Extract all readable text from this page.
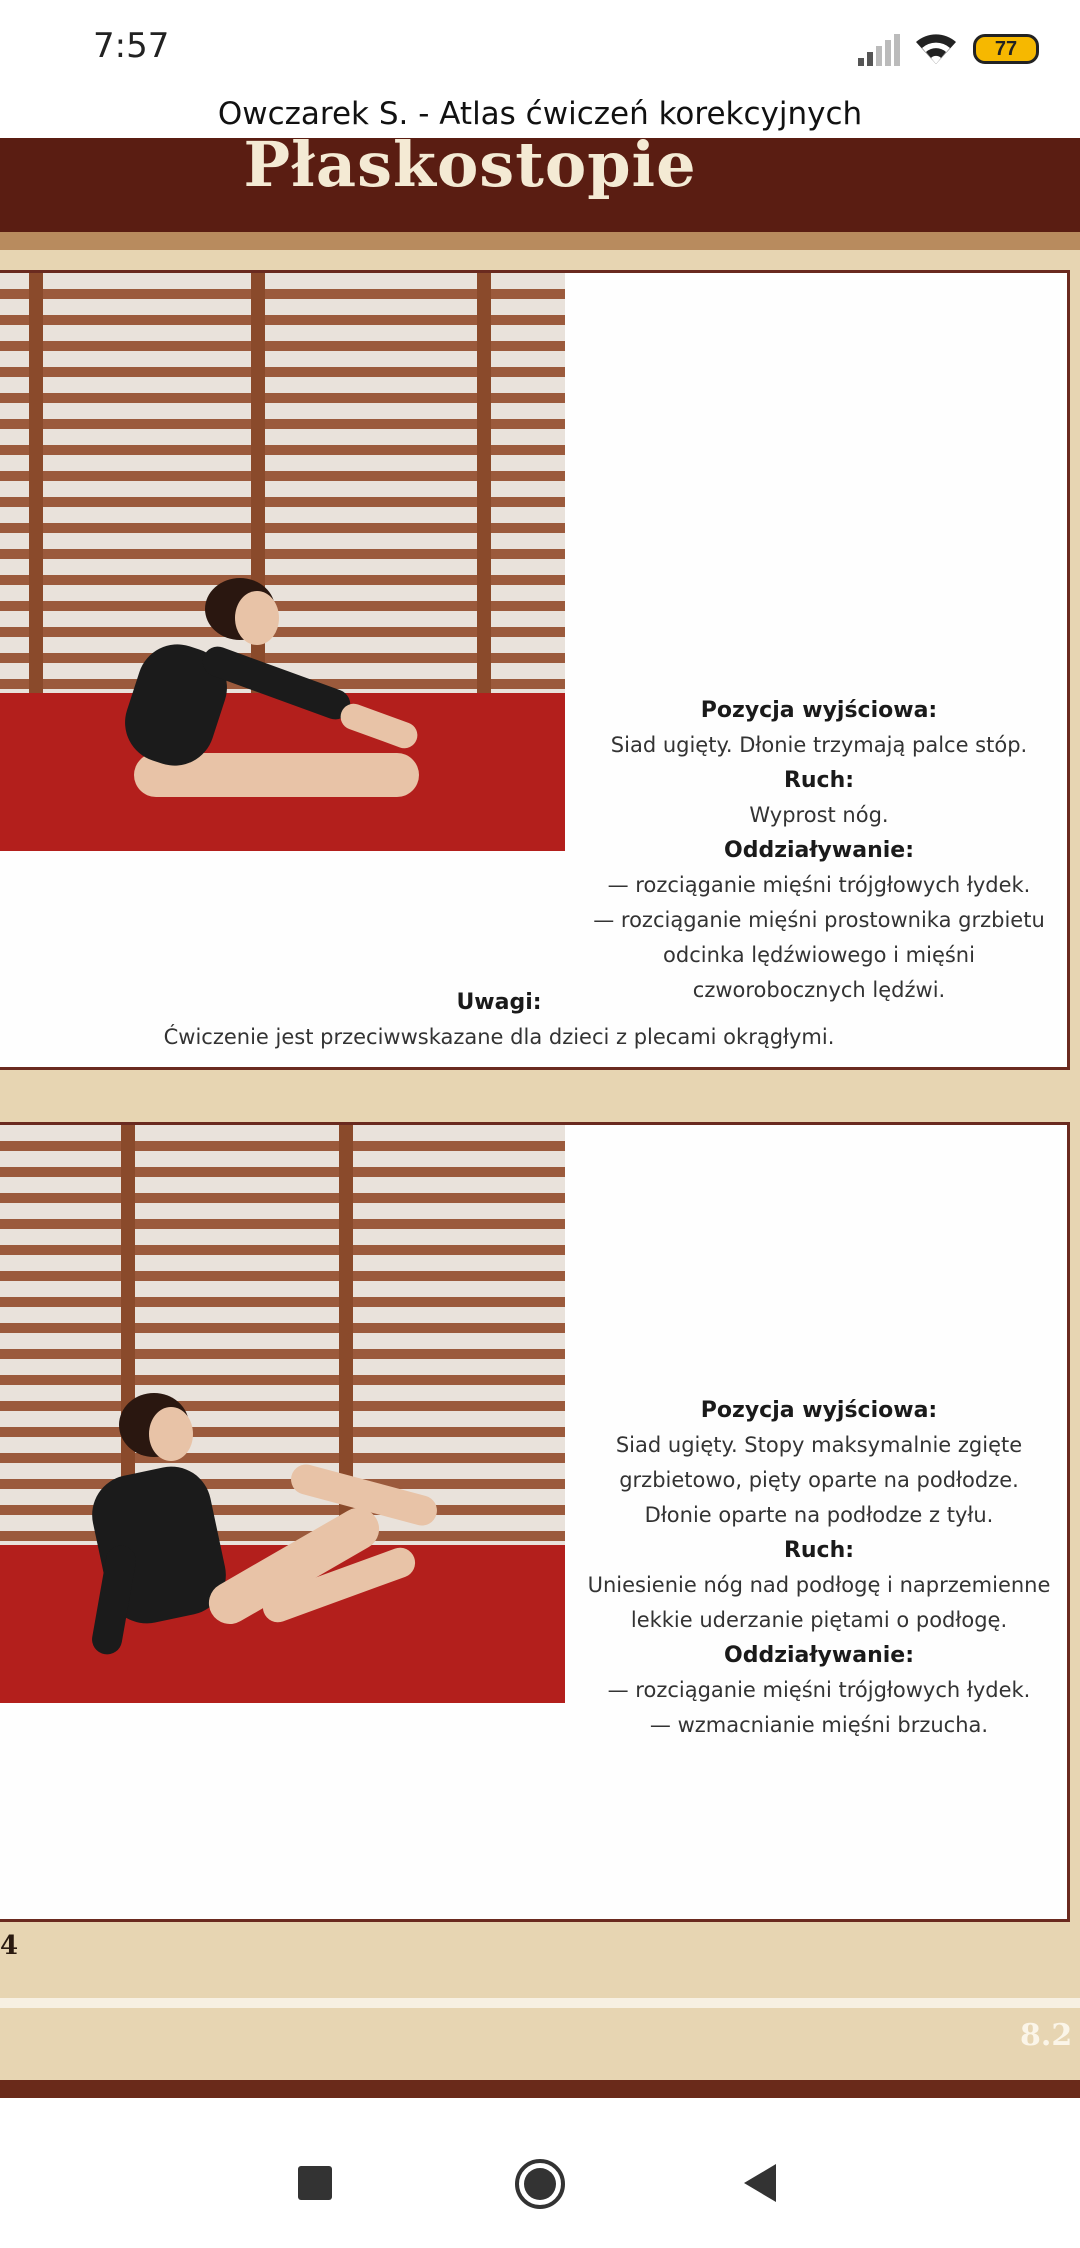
7:57	77
Owczarek S. - Atlas ćwiczeń korekcyjnych
Płaskostopie
Pozycja wyjściowa:
Siad ugięty. Dłonie trzymają palce stóp.
Ruch:
Wyprost nóg.
Oddziaływanie:
— rozciąganie mięśni trójgłowych łydek.
— rozciąganie mięśni prostownika grzbietu
odcinka lędźwiowego i mięśni
czworobocznych lędźwi.
Uwagi:
Ćwiczenie jest przeciwwskazane dla dzieci z plecami okrągłymi.
Pozycja wyjściowa:
Siad ugięty. Stopy maksymalnie zgięte
grzbietowo, pięty oparte na podłodze.
Dłonie oparte na podłodze z tyłu.
Ruch:
Uniesienie nóg nad podłogę i naprzemienne
lekkie uderzanie piętami o podłogę.
Oddziaływanie:
— rozciąganie mięśni trójgłowych łydek.
— wzmacnianie mięśni brzucha.
4
8.2
